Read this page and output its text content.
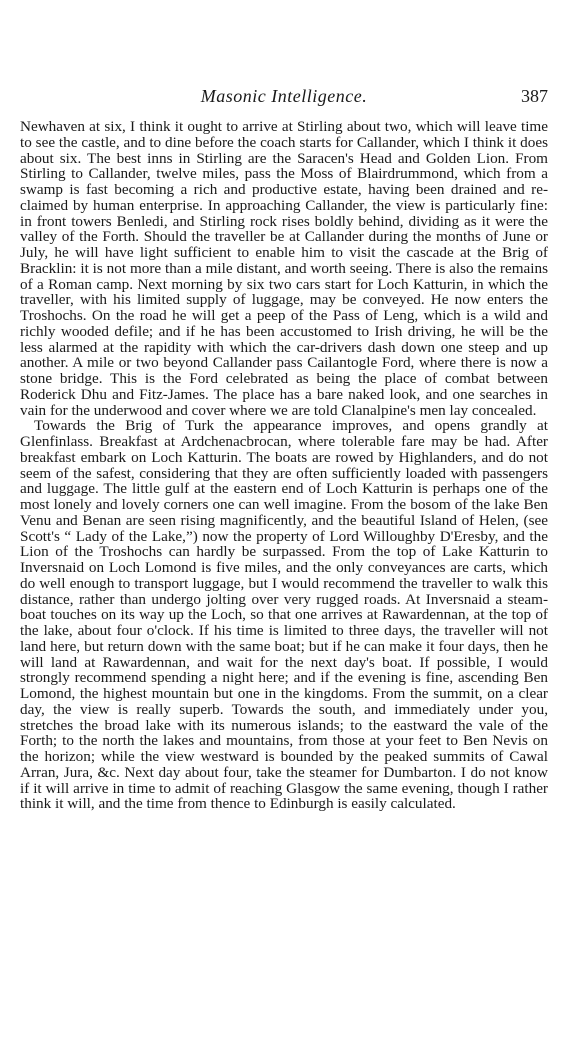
Masonic Intelligence.	387

Newhaven at six, I think it ought to arrive at Stirling about two, which will leave time to see the castle, and to dine before the coach starts for Callander, which I think it does about six. The best inns in Stirling are the Saracen's Head and Golden Lion. From Stirling to Callander, twelve miles, pass the Moss of Blairdrummond, which from a swamp is fast becoming a rich and productive estate, having been drained and re-claimed by human enterprise. In approaching Callander, the view is particularly fine: in front towers Benledi, and Stirling rock rises boldly behind, dividing as it were the valley of the Forth. Should the traveller be at Callander during the months of June or July, he will have light sufficient to enable him to visit the cascade at the Brig of Bracklin: it is not more than a mile distant, and worth seeing. There is also the remains of a Roman camp. Next morning by six two cars start for Loch Katturin, in which the traveller, with his limited supply of luggage, may be conveyed. He now enters the Troshochs. On the road he will get a peep of the Pass of Leng, which is a wild and richly wooded defile; and if he has been accustomed to Irish driving, he will be the less alarmed at the rapidity with which the car-drivers dash down one steep and up another. A mile or two beyond Callander pass Cailantogle Ford, where there is now a stone bridge. This is the Ford celebrated as being the place of combat between Roderick Dhu and Fitz-James. The place has a bare naked look, and one searches in vain for the underwood and cover where we are told Clanalpine's men lay concealed.

Towards the Brig of Turk the appearance improves, and opens grandly at Glenfinlass. Breakfast at Ardchenacbrocan, where tolerable fare may be had. After breakfast embark on Loch Katturin. The boats are rowed by Highlanders, and do not seem of the safest, considering that they are often sufficiently loaded with passengers and luggage. The little gulf at the eastern end of Loch Katturin is perhaps one of the most lonely and lovely corners one can well imagine. From the bosom of the lake Ben Venu and Benan are seen rising magnificently, and the beautiful Island of Helen, (see Scott's “ Lady of the Lake,”) now the property of Lord Willoughby D'Eresby, and the Lion of the Troshochs can hardly be surpassed. From the top of Lake Katturin to Inversnaid on Loch Lomond is five miles, and the only conveyances are carts, which do well enough to transport luggage, but I would recommend the traveller to walk this distance, rather than undergo jolting over very rugged roads. At Inversnaid a steam-boat touches on its way up the Loch, so that one arrives at Rawardennan, at the top of the lake, about four o'clock. If his time is limited to three days, the traveller will not land here, but return down with the same boat; but if he can make it four days, then he will land at Rawardennan, and wait for the next day's boat. If possible, I would strongly recommend spending a night here; and if the evening is fine, ascending Ben Lomond, the highest mountain but one in the kingdoms. From the summit, on a clear day, the view is really superb. Towards the south, and immediately under you, stretches the broad lake with its numerous islands; to the eastward the vale of the Forth; to the north the lakes and mountains, from those at your feet to Ben Nevis on the horizon; while the view westward is bounded by the peaked summits of Cawal Arran, Jura, &c. Next day about four, take the steamer for Dumbarton. I do not know if it will arrive in time to admit of reaching Glasgow the same evening, though I rather think it will, and the time from thence to Edinburgh is easily calculated.
